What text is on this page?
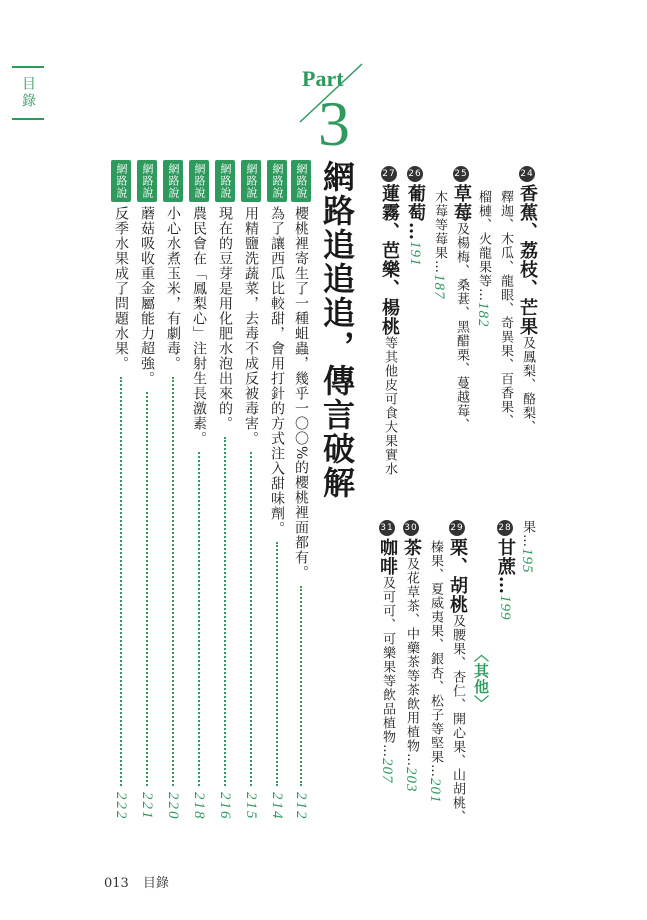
目錄	Part
3
網路追追追，傳言破解
網路說
櫻桃裡寄生了一種蛆蟲，幾乎一〇〇%的櫻桃裡面都有。
212
網路說
為了讓西瓜比較甜，會用打針的方式注入甜味劑。
214
網路說
用精鹽洗蔬菜，去毒不成反被毒害。
215
網路說
現在的豆芽是用化肥水泡出來的。
216
網路說
農民會在「鳳梨心」注射生長激素。
218
網路說
小心水煮玉米，有劇毒。
220
網路說
蘑菇吸收重金屬能力超強。
221
網路說
反季水果成了問題水果。
222
24香蕉、荔枝、芒果及鳳梨、酪梨、
釋迦、木瓜、龍眼、奇異果、百香果、
榴槤、火龍果等…182
25草莓及楊梅、桑葚、黑醋栗、蔓越莓、
木莓等莓果…187
26葡萄…191
27蓮霧、芭樂、楊桃等其他皮可食大果實水
果…195
28甘蔗…199
〈其他〉
29栗、胡桃及腰果、杏仁、開心果、山胡桃、
榛果、夏威夷果、銀杏、松子等堅果…201
30茶及花草茶、中藥茶等茶飲用植物…203
31咖啡及可可、可樂果等飲品植物…207
013 目錄
